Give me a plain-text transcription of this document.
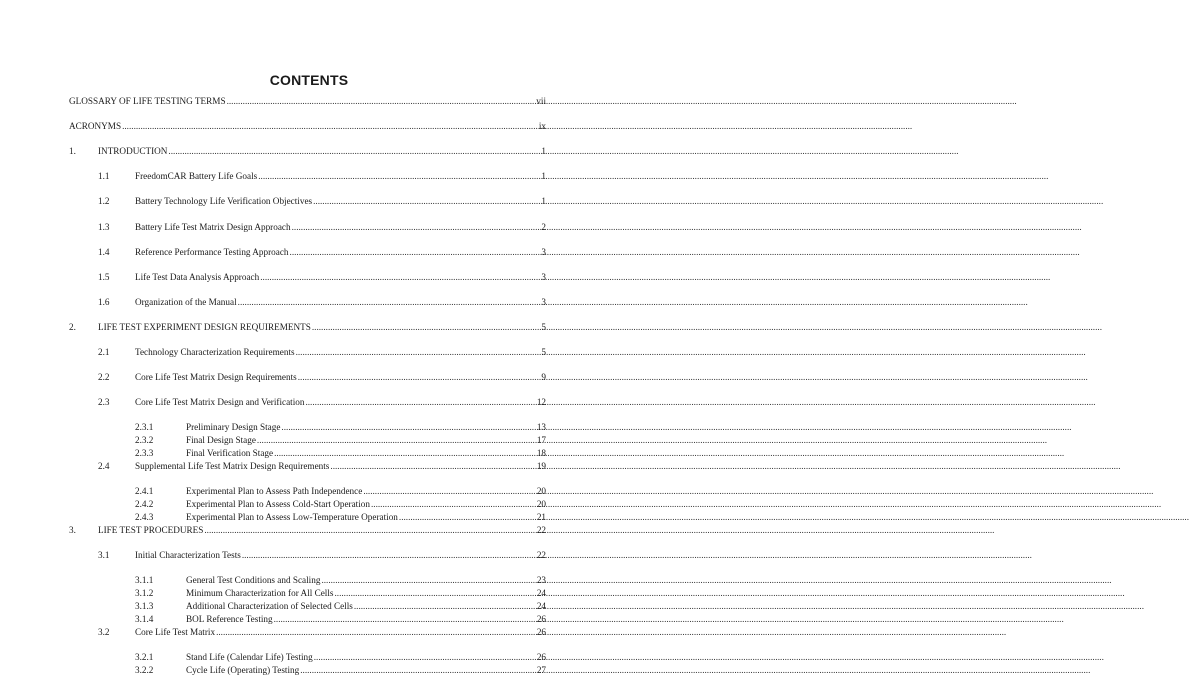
CONTENTS
GLOSSARY OF LIFE TESTING TERMS .....	vii
ACRONYMS .....	ix
1. INTRODUCTION .....	1
1.1	FreedomCAR Battery Life Goals .....	1
1.2	Battery Technology Life Verification Objectives .....	1
1.3	Battery Life Test Matrix Design Approach .....	2
1.4	Reference Performance Testing Approach .....	3
1.5	Life Test Data Analysis Approach .....	3
1.6	Organization of the Manual .....	3
2. LIFE TEST EXPERIMENT DESIGN REQUIREMENTS .....	5
2.1	Technology Characterization Requirements .....	5
2.2	Core Life Test Matrix Design Requirements .....	9
2.3	Core Life Test Matrix Design and Verification .....	12
2.3.1	Preliminary Design Stage .....	13
2.3.2	Final Design Stage .....	17
2.3.3	Final Verification Stage .....	18
2.4	Supplemental Life Test Matrix Design Requirements .....	19
2.4.1	Experimental Plan to Assess Path Independence .....	20
2.4.2	Experimental Plan to Assess Cold-Start Operation .....	20
2.4.3	Experimental Plan to Assess Low-Temperature Operation .....	21
3. LIFE TEST PROCEDURES .....	22
3.1	Initial Characterization Tests .....	22
3.1.1	General Test Conditions and Scaling .....	23
3.1.2	Minimum Characterization for All Cells .....	24
3.1.3	Additional Characterization of Selected Cells .....	24
3.1.4	BOL Reference Testing .....	26
3.2	Core Life Test Matrix .....	26
3.2.1	Stand Life (Calendar Life) Testing .....	26
3.2.2	Cycle Life (Operating) Testing .....	27
